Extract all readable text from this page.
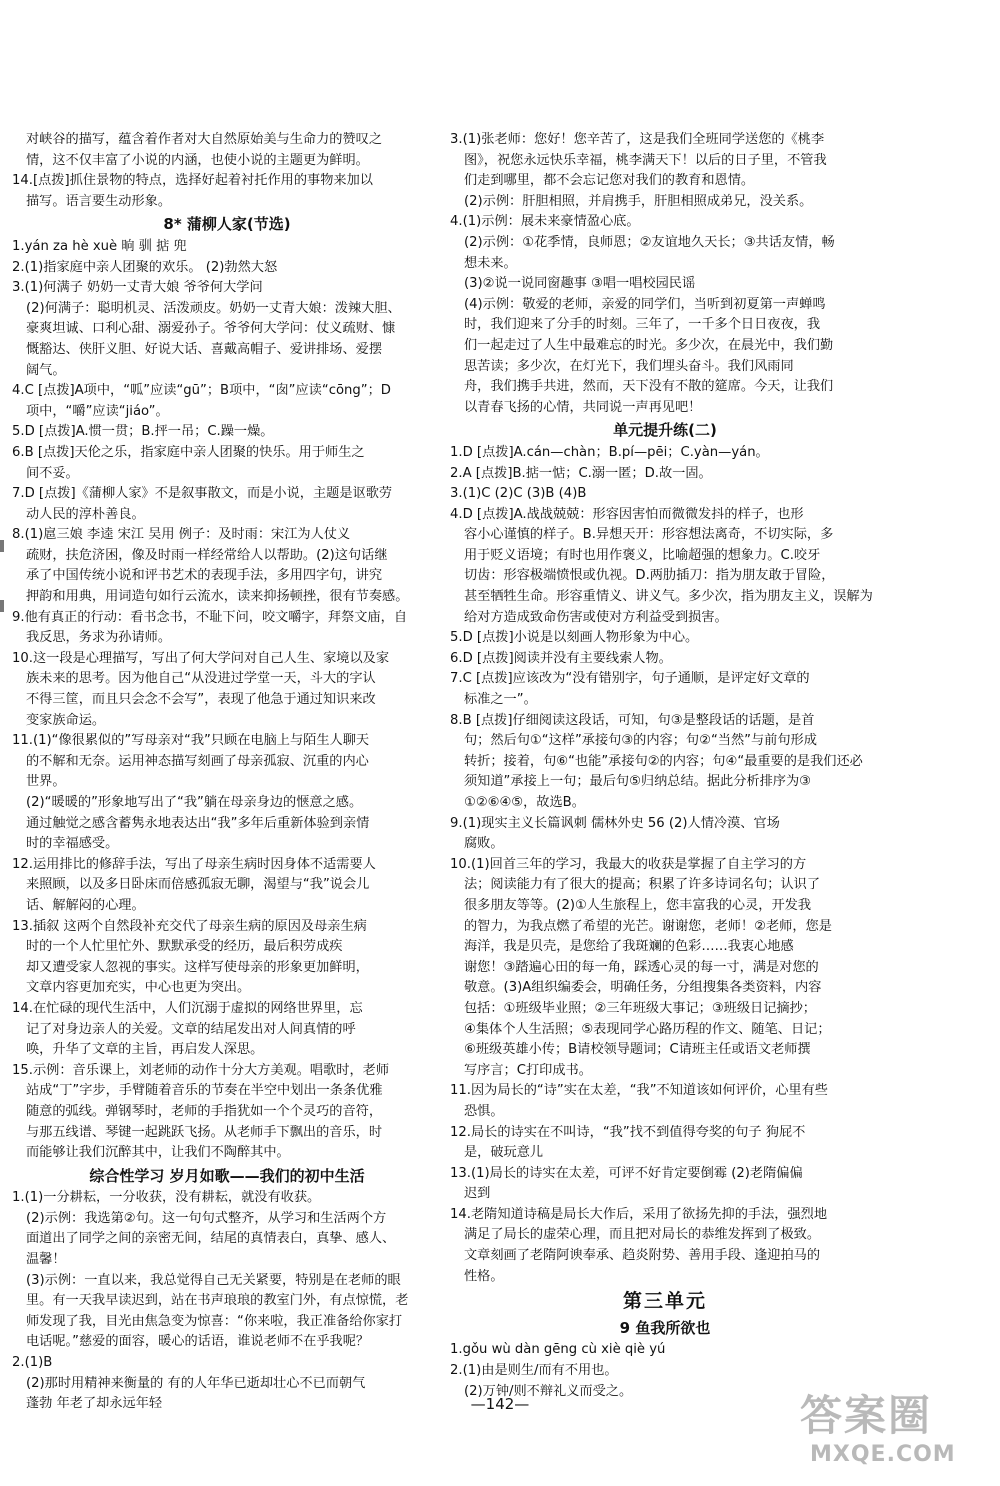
对峡谷的描写，蕴含着作者对大自然原始美与生命力的赞叹之
情，这不仅丰富了小说的内涵，也使小说的主题更为鲜明。
14.[点拨]抓住景物的特点，选择好起着衬托作用的事物来加以
描写。语言要生动形象。
8* 蒲柳人家(节选)
1.yán za hè xuè 晌 驯 掂 兜
2.(1)指家庭中亲人团聚的欢乐。 (2)勃然大怒
3.(1)何满子 奶奶一丈青大娘 爷爷何大学问
(2)何满子：聪明机灵、活泼顽皮。奶奶一丈青大娘：泼辣大胆、
豪爽坦诚、口利心甜、溺爱孙子。爷爷何大学问：仗义疏财、慷
慨豁达、侠肝义胆、好说大话、喜戴高帽子、爱讲排场、爱摆
阔气。
4.C [点拨]A项中，“呱”应读“gū”；B项中，“囱”应读“cōng”；D
项中，“嚼”应读“jiáo”。
5.D [点拨]A.惯一贯；B.抨一吊；C.躁一燥。
6.B [点拨]天伦之乐，指家庭中亲人团聚的快乐。用于师生之
间不妥。
7.D [点拨]《蒲柳人家》不是叙事散文，而是小说，主题是讴歌劳
动人民的淳朴善良。
8.(1)扈三娘 李逵 宋江 吴用 例子：及时雨：宋江为人仗义
疏财，扶危济困，像及时雨一样经常给人以帮助。(2)这句话继
承了中国传统小说和评书艺术的表现手法，多用四字句，讲究
押韵和用典，用词造句如行云流水，读来抑扬顿挫，很有节奏感。
9.他有真正的行动：看书念书，不耻下问，咬文嚼字，拜祭文庙，自
我反思，务求为孙请师。
10.这一段是心理描写，写出了何大学问对自己人生、家境以及家
族未来的思考。因为他自己“从没进过学堂一天，斗大的字认
不得三筐，而且只会念不会写”，表现了他急于通过知识来改
变家族命运。
11.(1)“像很累似的”写母亲对“我”只顾在电脑上与陌生人聊天
的不解和无奈。运用神态描写刻画了母亲孤寂、沉重的内心
世界。
(2)“暖暖的”形象地写出了“我”躺在母亲身边的惬意之感。
通过触觉之感含蓄隽永地表达出“我”多年后重新体验到亲情
时的幸福感受。
12.运用排比的修辞手法，写出了母亲生病时因身体不适需要人
来照顾，以及多日卧床而倍感孤寂无聊，渴望与“我”说会儿
话、解解闷的心理。
13.插叙 这两个自然段补充交代了母亲生病的原因及母亲生病
时的一个人忙里忙外、默默承受的经历，最后积劳成疾
却又遭受家人忽视的事实。这样写使母亲的形象更加鲜明，
文章内容更加充实，中心也更为突出。
14.在忙碌的现代生活中，人们沉溺于虚拟的网络世界里，忘
记了对身边亲人的关爱。文章的结尾发出对人间真情的呼
唤，升华了文章的主旨，再启发人深思。
15.示例：音乐课上，刘老师的动作十分大方美观。唱歌时，老师
站成“丁”字步，手臂随着音乐的节奏在半空中划出一条条优雅
随意的弧线。弹钢琴时，老师的手指犹如一个个灵巧的音符，
与那五线谱、琴键一起跳跃飞扬。从老师手下飘出的音乐，时
而能够让我们沉醉其中，让我们不陶醉其中。
综合性学习 岁月如歌——我们的初中生活
1.(1)一分耕耘，一分收获，没有耕耘，就没有收获。
(2)示例：我选第②句。这一句句式整齐，从学习和生活两个方
面道出了同学之间的亲密无间，结尾的真情表白，真挚、感人、
温馨！
(3)示例：一直以来，我总觉得自己无关紧要，特别是在老师的眼
里。有一天我早读迟到，站在书声琅琅的教室门外，有点惊慌，老
师发现了我，目光由焦急变为惊喜：“你来啦，我正准备给你家打
电话呢。”慈爱的面容，暖心的话语，谁说老师不在乎我呢？
2.(1)B
(2)那时用精神来衡量的 有的人年华已逝却壮心不已而朝气
蓬勃 年老了却永远年轻
3.(1)张老师：您好！您辛苦了，这是我们全班同学送您的《桃李
图》，祝您永远快乐幸福，桃李满天下！以后的日子里，不管我
们走到哪里，都不会忘记您对我们的教育和恩情。
(2)示例：肝胆相照，并肩携手，肝胆相照成弟兄，没关系。
4.(1)示例：展未来豪情盈心底。
(2)示例：①花季情，良师恩；②友谊地久天长；③共话友情，畅
想未来。
(3)②说一说同窗趣事 ③唱一唱校园民谣
(4)示例：敬爱的老师，亲爱的同学们，当听到初夏第一声蝉鸣
时，我们迎来了分手的时刻。三年了，一千多个日日夜夜，我
们一起走过了人生中最难忘的时光。多少次，在晨光中，我们勤
思苦读；多少次，在灯光下，我们埋头奋斗。我们风雨同
舟，我们携手共进，然而，天下没有不散的筵席。今天，让我们
以青春飞扬的心情，共同说一声再见吧！
单元提升练(二)
1.D [点拨]A.cán—chàn；B.pí—pēi；C.yàn—yán。
2.A [点拨]B.掂一惦；C.溺一匿；D.故一固。
3.(1)C (2)C (3)B (4)B
4.D [点拨]A.战战兢兢：形容因害怕而微微发抖的样子，也形
容小心谨慎的样子。B.异想天开：形容想法离奇，不切实际，多
用于贬义语境；有时也用作褒义，比喻超强的想象力。C.咬牙
切齿：形容极端愤恨或仇视。D.两肋插刀：指为朋友敢于冒险，
甚至牺牲生命。形容重情义、讲义气。多少次，指为朋友主义，误解为
给对方造成致命伤害或使对方利益受到损害。
5.D [点拨]小说是以刻画人物形象为中心。
6.D [点拨]阅读并没有主要线索人物。
7.C [点拨]应该改为“没有错别字，句子通顺，是评定好文章的
标准之一”。
8.B [点拨]仔细阅读这段话，可知，句③是整段话的话题，是首
句；然后句①“这样”承接句③的内容；句②“当然”与前句形成
转折；接着，句⑥“也能”承接句②的内容；句④“最重要的是我们还必
须知道”承接上一句；最后句⑤归纳总结。据此分析排序为③
①②⑥④⑤，故选B。
9.(1)现实主义长篇讽刺 儒林外史 56 (2)人情冷漠、官场
腐败。
10.(1)回首三年的学习，我最大的收获是掌握了自主学习的方
法；阅读能力有了很大的提高；积累了许多诗词名句；认识了
很多朋友等等。(2)①人生旅程上，您丰富我的心灵，开发我
的智力，为我点燃了希望的光芒。谢谢您，老师！②老师，您是
海洋，我是贝壳，是您给了我斑斓的色彩……我衷心地感
谢您！③踏遍心田的每一角，踩透心灵的每一寸，满是对您的
敬意。(3)A组织编委会，明确任务，分组搜集各类资料，内容
包括：①班级毕业照；②三年班级大事记；③班级日记摘抄；
④集体个人生活照；⑤表现同学心路历程的作文、随笔、日记；
⑥班级英雄小传；B请校领导题词；C请班主任或语文老师撰
写序言；C打印成书。
11.因为局长的“诗”实在太差，“我”不知道该如何评价，心里有些
恐惧。
12.局长的诗实在不叫诗，“我”找不到值得夸奖的句子 狗屁不
是，破玩意儿
13.(1)局长的诗实在太差，可评不好肯定要倒霉 (2)老隋偏偏
迟到
14.老隋知道诗稿是局长大作后，采用了欲扬先抑的手法，强烈地
满足了局长的虚荣心理，而且把对局长的恭维发挥到了极致。
文章刻画了老隋阿谀奉承、趋炎附势、善用手段、逢迎拍马的
性格。
第三单元
9 鱼我所欲也
1.gǒu wù dàn gēng cù xiè qiè yú
2.(1)由是则生/而有不用也。
(2)万钟/则不辩礼义而受之。
—142—	答案圈
MXQE.COM
